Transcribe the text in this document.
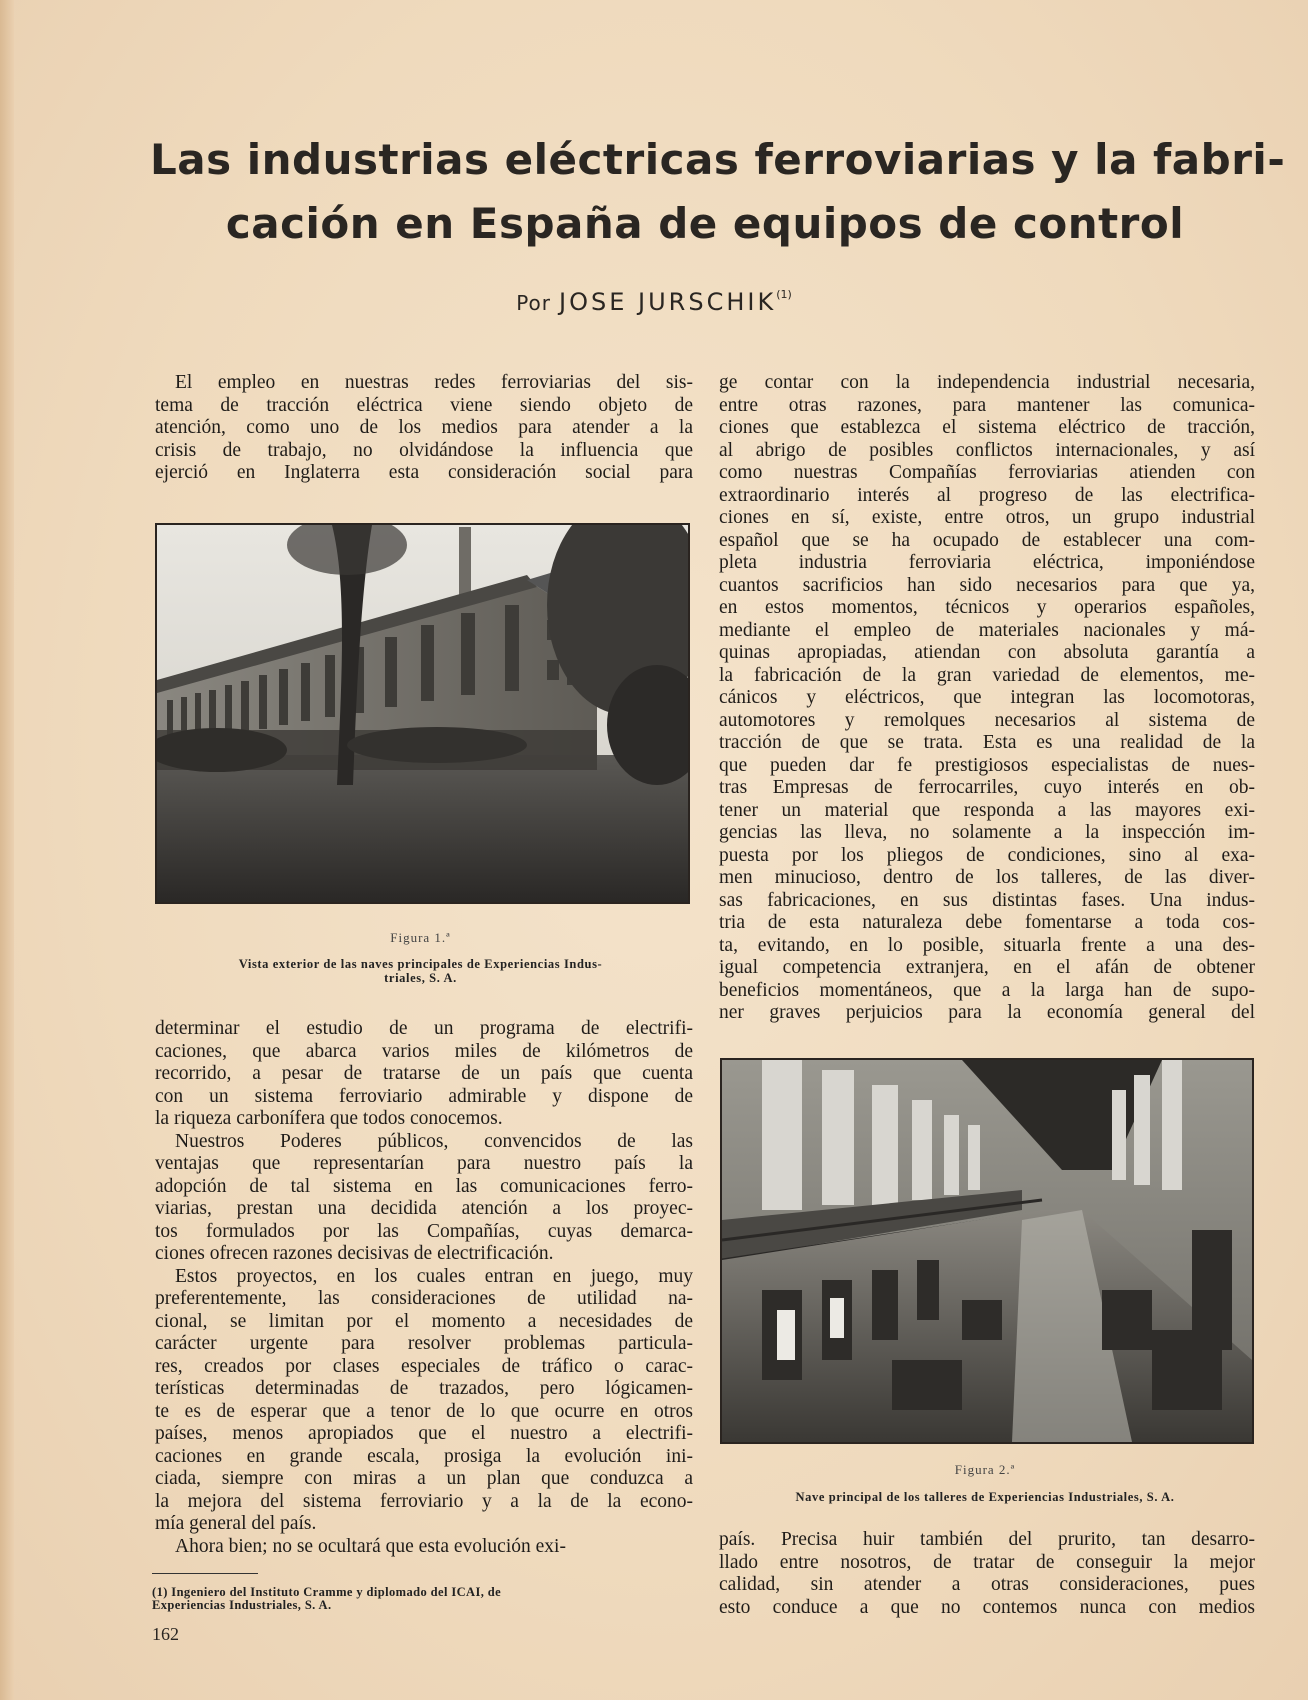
Las industrias eléctricas ferroviarias y la fabri-
cación en España de equipos de control
Por JOSE JURSCHIK$^{(1)}$
El empleo en nuestras redes ferroviarias del sis-
tema de tracción eléctrica viene siendo objeto de
atención, como uno de los medios para atender a la
crisis de trabajo, no olvidándose la influencia que
ejerció en Inglaterra esta consideración social para
Figura 1.ª
Vista exterior de las naves principales de Experiencias Indus-
triales, S. A.
determinar el estudio de un programa de electrifi-
caciones, que abarca varios miles de kilómetros de
recorrido, a pesar de tratarse de un país que cuenta
con un sistema ferroviario admirable y dispone de
la riqueza carbonífera que todos conocemos.
Nuestros Poderes públicos, convencidos de las
ventajas que representarían para nuestro país la
adopción de tal sistema en las comunicaciones ferro-
viarias, prestan una decidida atención a los proyec-
tos formulados por las Compañías, cuyas demarca-
ciones ofrecen razones decisivas de electrificación.
Estos proyectos, en los cuales entran en juego, muy
preferentemente, las consideraciones de utilidad na-
cional, se limitan por el momento a necesidades de
carácter urgente para resolver problemas particula-
res, creados por clases especiales de tráfico o carac-
terísticas determinadas de trazados, pero lógicamen-
te es de esperar que a tenor de lo que ocurre en otros
países, menos apropiados que el nuestro a electrifi-
caciones en grande escala, prosiga la evolución ini-
ciada, siempre con miras a un plan que conduzca a
la mejora del sistema ferroviario y a la de la econo-
mía general del país.
Ahora bien; no se ocultará que esta evolución exi-
(1) Ingeniero del Instituto Cramme y diplomado del ICAI, de
Experiencias Industriales, S. A.
162
ge contar con la independencia industrial necesaria,
entre otras razones, para mantener las comunica-
ciones que establezca el sistema eléctrico de tracción,
al abrigo de posibles conflictos internacionales, y así
como nuestras Compañías ferroviarias atienden con
extraordinario interés al progreso de las electrifica-
ciones en sí, existe, entre otros, un grupo industrial
español que se ha ocupado de establecer una com-
pleta industria ferroviaria eléctrica, imponiéndose
cuantos sacrificios han sido necesarios para que ya,
en estos momentos, técnicos y operarios españoles,
mediante el empleo de materiales nacionales y má-
quinas apropiadas, atiendan con absoluta garantía a
la fabricación de la gran variedad de elementos, me-
cánicos y eléctricos, que integran las locomotoras,
automotores y remolques necesarios al sistema de
tracción de que se trata. Esta es una realidad de la
que pueden dar fe prestigiosos especialistas de nues-
tras Empresas de ferrocarriles, cuyo interés en ob-
tener un material que responda a las mayores exi-
gencias las lleva, no solamente a la inspección im-
puesta por los pliegos de condiciones, sino al exa-
men minucioso, dentro de los talleres, de las diver-
sas fabricaciones, en sus distintas fases. Una indus-
tria de esta naturaleza debe fomentarse a toda cos-
ta, evitando, en lo posible, situarla frente a una des-
igual competencia extranjera, en el afán de obtener
beneficios momentáneos, que a la larga han de supo-
ner graves perjuicios para la economía general del
Figura 2.ª
Nave principal de los talleres de Experiencias Industriales, S. A.
país. Precisa huir también del prurito, tan desarro-
llado entre nosotros, de tratar de conseguir la mejor
calidad, sin atender a otras consideraciones, pues
esto conduce a que no contemos nunca con medios
